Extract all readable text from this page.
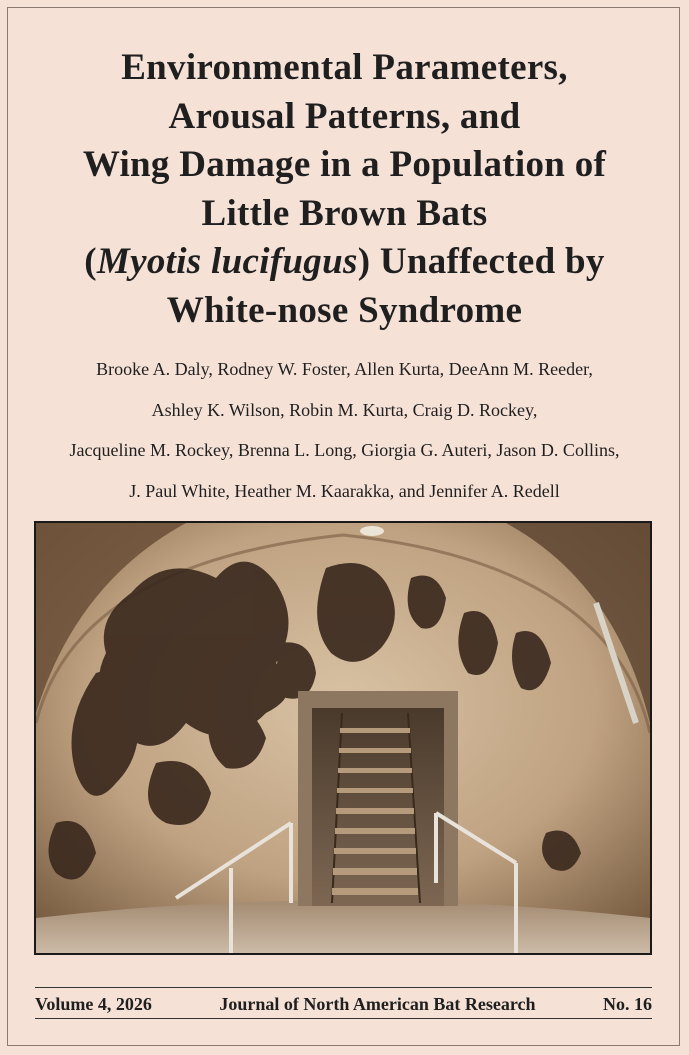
Environmental Parameters,
Arousal Patterns, and
Wing Damage in a Population of
Little Brown Bats
(Myotis lucifugus) Unaffected by
White-nose Syndrome
Brooke A. Daly, Rodney W. Foster, Allen Kurta, DeeAnn M. Reeder,
Ashley K. Wilson, Robin M. Kurta, Craig D. Rockey,
Jacqueline M. Rockey, Brenna L. Long, Giorgia G. Auteri, Jason D. Collins,
J. Paul White, Heather M. Kaarakka, and Jennifer A. Redell
Volume 4, 2026	Journal of North American Bat Research	No. 16
